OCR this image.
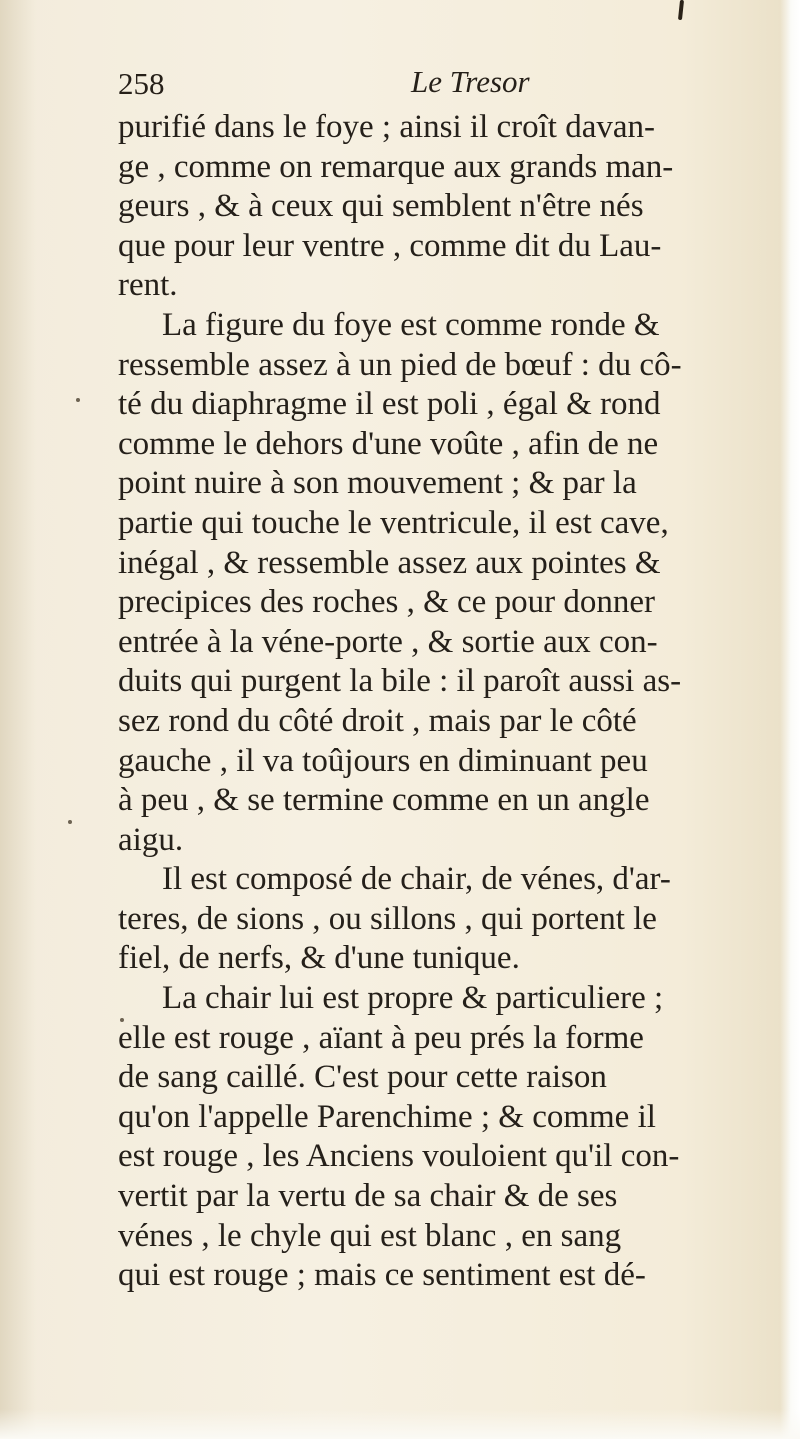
258	Le Tresor
purifié dans le foye ; ainsi il croît davan-
ge , comme on remarque aux grands man-
geurs , & à ceux qui semblent n'être nés
que pour leur ventre , comme dit du Lau-
rent.
La figure du foye est comme ronde &
ressemble assez à un pied de bœuf : du cô-
té du diaphragme il est poli , égal & rond
comme le dehors d'une voûte , afin de ne
point nuire à son mouvement ; & par la
partie qui touche le ventricule, il est cave,
inégal , & ressemble assez aux pointes &
precipices des roches , & ce pour donner
entrée à la véne-porte , & sortie aux con-
duits qui purgent la bile : il paroît aussi as-
sez rond du côté droit , mais par le côté
gauche , il va toûjours en diminuant peu
à peu , & se termine comme en un angle
aigu.
Il est composé de chair, de vénes, d'ar-
teres, de sions , ou sillons , qui portent le
fiel, de nerfs, & d'une tunique.
La chair lui est propre & particuliere ;
elle est rouge , aïant à peu prés la forme
de sang caillé. C'est pour cette raison
qu'on l'appelle Parenchime ; & comme il
est rouge , les Anciens vouloient qu'il con-
vertit par la vertu de sa chair & de ses
vénes , le chyle qui est blanc , en sang
qui est rouge ; mais ce sentiment est dé-
